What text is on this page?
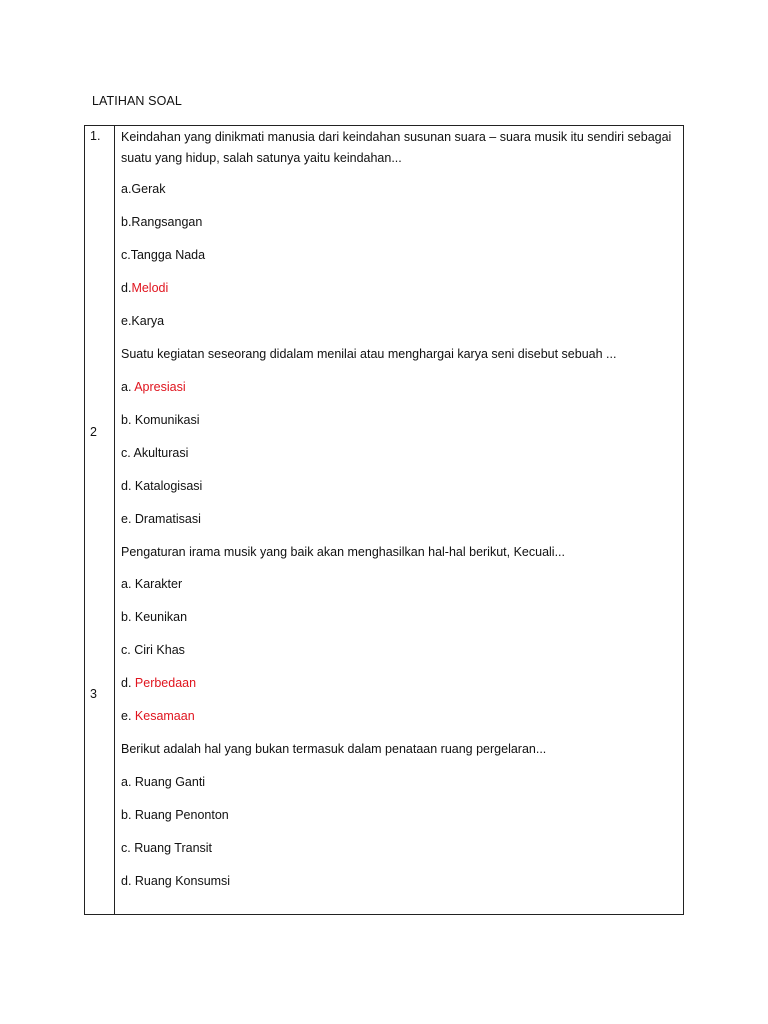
LATIHAN SOAL
1.
2
3
Keindahan yang dinikmati manusia dari keindahan susunan suara – suara musik itu sendiri sebagai
suatu yang hidup, salah satunya yaitu keindahan...
a.Gerak
b.Rangsangan
c.Tangga Nada
d.Melodi
e.Karya
Suatu kegiatan seseorang didalam menilai atau menghargai karya seni disebut sebuah ...
a. Apresiasi
b. Komunikasi
c. Akulturasi
d. Katalogisasi
e. Dramatisasi
Pengaturan irama musik yang baik akan menghasilkan hal-hal berikut, Kecuali...
a. Karakter
b. Keunikan
c. Ciri Khas
d. Perbedaan
e. Kesamaan
Berikut adalah hal yang bukan termasuk dalam penataan ruang pergelaran...
a. Ruang Ganti
b. Ruang Penonton
c. Ruang Transit
d. Ruang Konsumsi
